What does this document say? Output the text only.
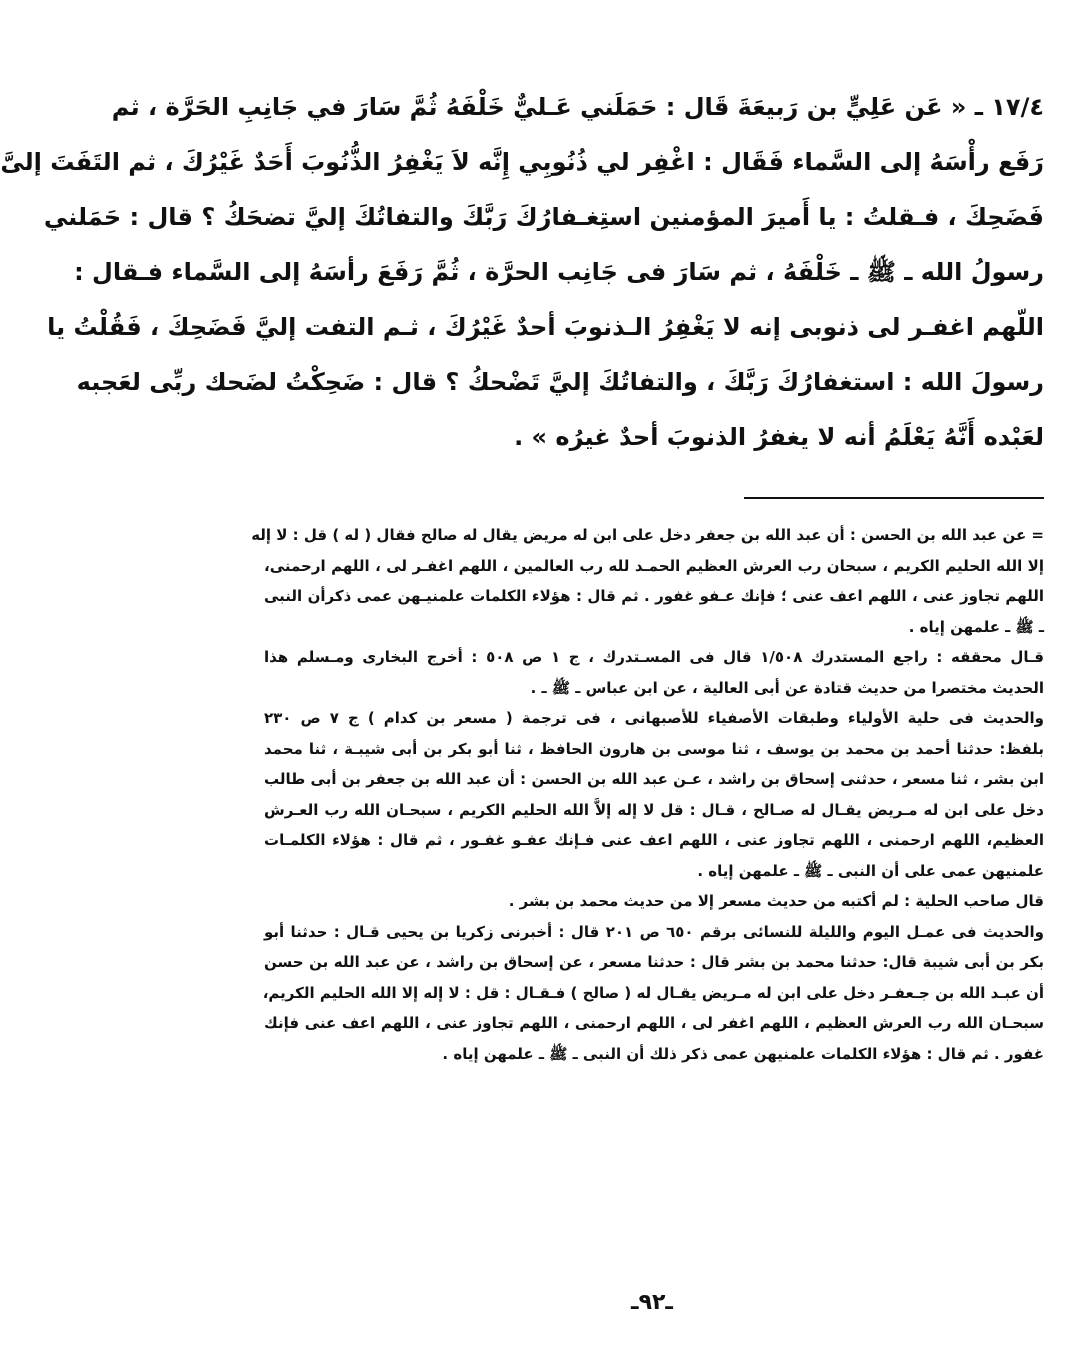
١٧/٤ ـ « عَن عَلِيٍّ بن رَبيعَةَ قَال : حَمَلَني عَـليٌّ خَلْفَهُ ثُمَّ سَارَ في جَانِبِ الحَرَّة ، ثم
رَفَع رأْسَهُ إلى السَّماء فَقَال : اغْفِر لي ذُنُوبِي إِنَّه لاَ يَغْفِرُ الذُّنُوبَ أَحَدٌ غَيْرُكَ ، ثم التَفَتَ إلىَّ
فَضَحِكَ ، فـقلتُ : يا أَميرَ المؤمنين استِغـفارُكَ رَبَّكَ والتفاتُكَ إليَّ تضحَكُ ؟ قال : حَمَلني
رسولُ الله ـ ﷺ ـ خَلْفَهُ ، ثم سَارَ فى جَانِب الحرَّة ، ثُمَّ رَفَعَ رأسَهُ إلى السَّماء فـقال :
اللّهم اغفـر لى ذنوبى إنه لا يَغْفِرُ الـذنوبَ أحدٌ غَيْرُكَ ، ثـم التفت إليَّ فَضَحِكَ ، فَقُلْتُ يا
رسولَ الله : استغفارُكَ رَبَّكَ ، والتفاتُكَ إليَّ تَضْحكُ ؟ قال : ضَحِكْتُ لضَحك ربِّى لعَجبه
لعَبْده أَنَّهُ يَعْلَمُ أنه لا يغفرُ الذنوبَ أحدٌ غيرُه » .
= عن عبد الله بن الحسن : أن عبد الله بن جعفر دخل على ابن له مريض يقال له صالح فقال ( له ) قل : لا إله
إلا الله الحليم الكريم ، سبحان رب العرش العظيم الحمـد لله رب العالمين ، اللهم اغفـر لى ، اللهم ارحمنى،
اللهم تجاوز عنى ، اللهم اعف عنى ؛ فإنك عـفو غفور . ثم قال : هؤلاء الكلمات علمنيـهن عمى ذكرأن النبى
ـ ﷺ ـ علمهن إياه .
قـال محققه : راجع المستدرك ١/٥٠٨ قال فى المسـتدرك ، ج ١ ص ٥٠٨ : أخرج البخارى ومـسلم هذا
الحديث مختصرا من حديث قتادة عن أبى العالية ، عن ابن عباس ـ ﷺ ـ .
والحديث فى حلية الأولياء وطبقات الأصفياء للأصبهانى ، فى ترجمة ( مسعر بن كدام ) ج ٧ ص ٢٣٠
بلفظ: حدثنا أحمد بن محمد بن يوسف ، ثنا موسى بن هارون الحافظ ، ثنا أبو بكر بن أبى شيبـة ، ثنا محمد
ابن بشر ، ثنا مسعر ، حدثنى إسحاق بن راشد ، عـن عبد الله بن الحسن : أن عبد الله بن جعفر بن أبى طالب
دخل على ابن له مـريض يقـال له صـالح ، قـال : قل لا إله إلاَّ الله الحليم الكريم ، سبحـان الله رب العـرش
العظيم، اللهم ارحمنى ، اللهم تجاوز عنى ، اللهم اعف عنى فـإنك عفـو غفـور ، ثم قال : هؤلاء الكلمـات
علمنيهن عمى على أن النبى ـ ﷺ ـ علمهن إياه .
قال صاحب الحلية : لم أكتبه من حديث مسعر إلا من حديث محمد بن بشر .
والحديث فى عمـل اليوم والليلة للنسائى برقم ٦٥٠ ص ٢٠١ قال : أخبرنى زكريا بن يحيى قـال : حدثنا أبو
بكر بن أبى شيبة قال: حدثنا محمد بن بشر قال : حدثنا مسعر ، عن إسحاق بن راشد ، عن عبد الله بن حسن
أن عبـد الله بن جـعفـر دخل على ابن له مـريض يقـال له ( صالح ) فـقـال : قل : لا إله إلا الله الحليم الكريم،
سبحـان الله رب العرش العظيم ، اللهم اغفر لى ، اللهم ارحمنى ، اللهم تجاوز عنى ، اللهم اعف عنى فإنك
غفور . ثم قال : هؤلاء الكلمات علمنيهن عمى ذكر ذلك أن النبى ـ ﷺ ـ علمهن إياه .
ـ٩٢ـ
